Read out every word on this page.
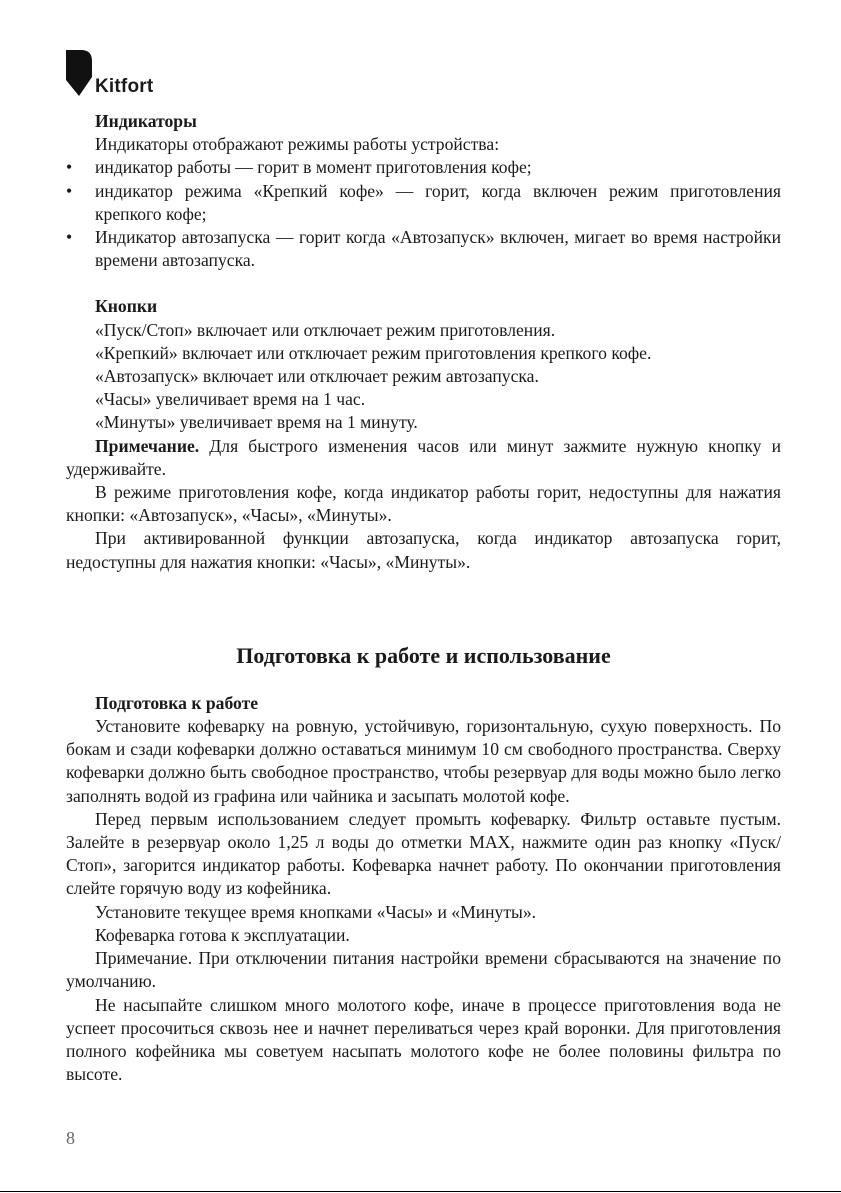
Kitfort

Индикаторы

Индикаторы отображают режимы работы устройства:

• индикатор работы — горит в момент приготовления кофе;

• индикатор режима «Крепкий кофе» — горит, когда включен режим приготовления крепкого кофе;

• Индикатор автозапуска — горит когда «Автозапуск» включен, мигает во время настройки времени автозапуска.

Кнопки

«Пуск/Стоп» включает или отключает режим приготовления.

«Крепкий» включает или отключает режим приготовления крепкого кофе.

«Автозапуск» включает или отключает режим автозапуска.

«Часы» увеличивает время на 1 час.

«Минуты» увеличивает время на 1 минуту.

Примечание. Для быстрого изменения часов или минут зажмите нужную кнопку и удерживайте.

В режиме приготовления кофе, когда индикатор работы горит, недоступны для нажатия кнопки: «Автозапуск», «Часы», «Минуты».

При активированной функции автозапуска, когда индикатор автозапуска горит, недоступны для нажатия кнопки: «Часы», «Минуты».

Подготовка к работе и использование

Подготовка к работе

Установите кофеварку на ровную, устойчивую, горизонтальную, сухую поверхность. По бокам и сзади кофеварки должно оставаться минимум 10 см свободного пространства. Сверху кофеварки должно быть свободное пространство, чтобы резервуар для воды можно было легко заполнять водой из графина или чайника и засыпать молотой кофе.

Перед первым использованием следует промыть кофеварку. Фильтр оставьте пустым. Залейте в резервуар около 1,25 л воды до отметки MAX, нажмите один раз кнопку «Пуск/Стоп», загорится индикатор работы. Кофеварка начнет работу. По окончании приготовления слейте горячую воду из кофейника.

Установите текущее время кнопками «Часы» и «Минуты».

Кофеварка готова к эксплуатации.

Примечание. При отключении питания настройки времени сбрасываются на значение по умолчанию.

Не насыпайте слишком много молотого кофе, иначе в процессе приготовления вода не успеет просочиться сквозь нее и начнет переливаться через край воронки. Для приготовления полного кофейника мы советуем насыпать молотого кофе не более половины фильтра по высоте.

8
